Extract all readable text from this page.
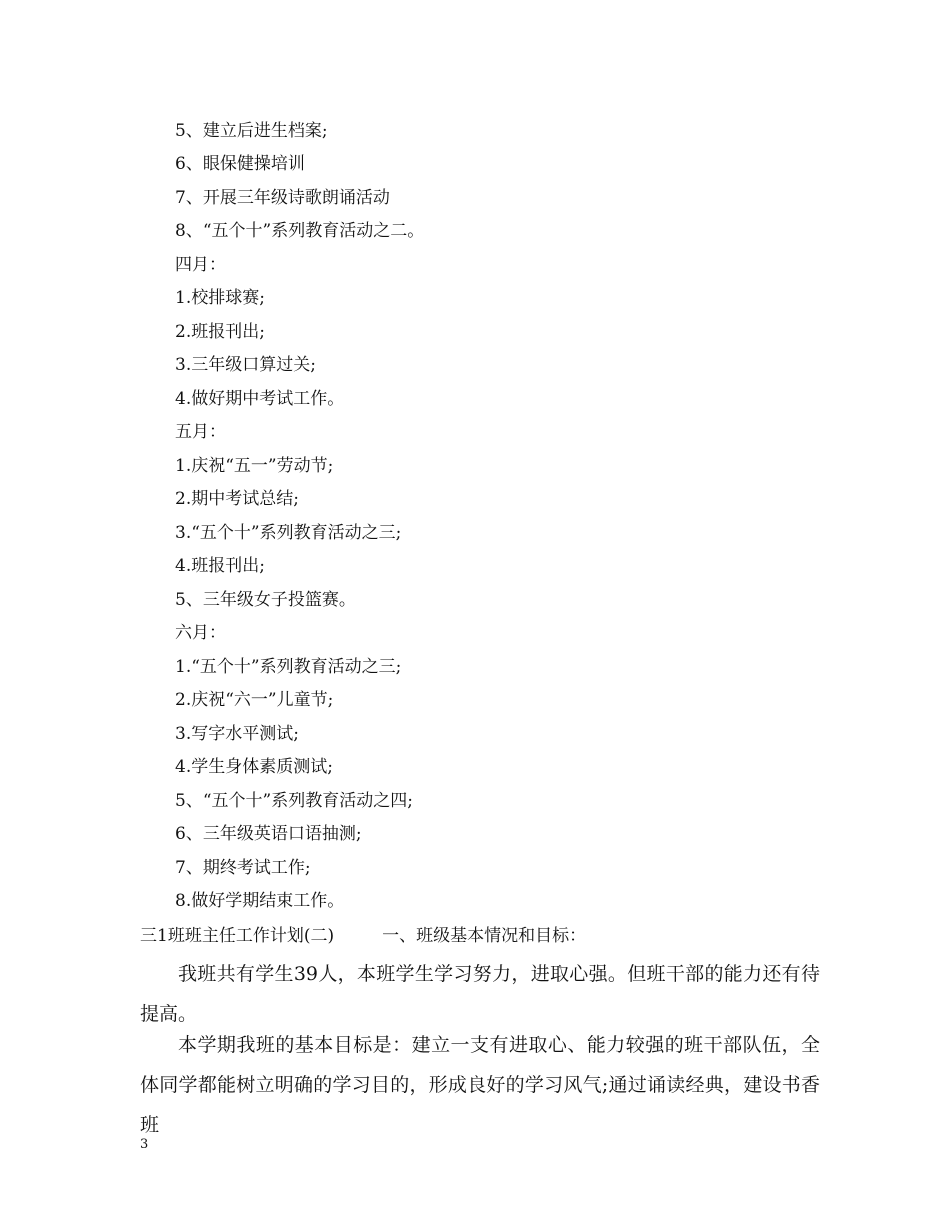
5、建立后进生档案;
6、眼保健操培训
7、开展三年级诗歌朗诵活动
8、“五个十”系列教育活动之二。
四月：
1.校排球赛;
2.班报刊出;
3.三年级口算过关;
4.做好期中考试工作。
五月：
1.庆祝“五一”劳动节;
2.期中考试总结;
3.“五个十”系列教育活动之三;
4.班报刊出;
5、三年级女子投篮赛。
六月：
1.“五个十”系列教育活动之三;
2.庆祝“六一”儿童节;
3.写字水平测试;
4.学生身体素质测试;
5、“五个十”系列教育活动之四;
6、三年级英语口语抽测;
7、期终考试工作;
8.做好学期结束工作。
三1班班主任工作计划(二)	一、班级基本情况和目标：

我班共有学生39人，本班学生学习努力，进取心强。但班干部的能力还有待提高。

本学期我班的基本目标是：建立一支有进取心、能力较强的班干部队伍，全体同学都能树立明确的学习目的，形成良好的学习风气;通过诵读经典，建设书香班

3
